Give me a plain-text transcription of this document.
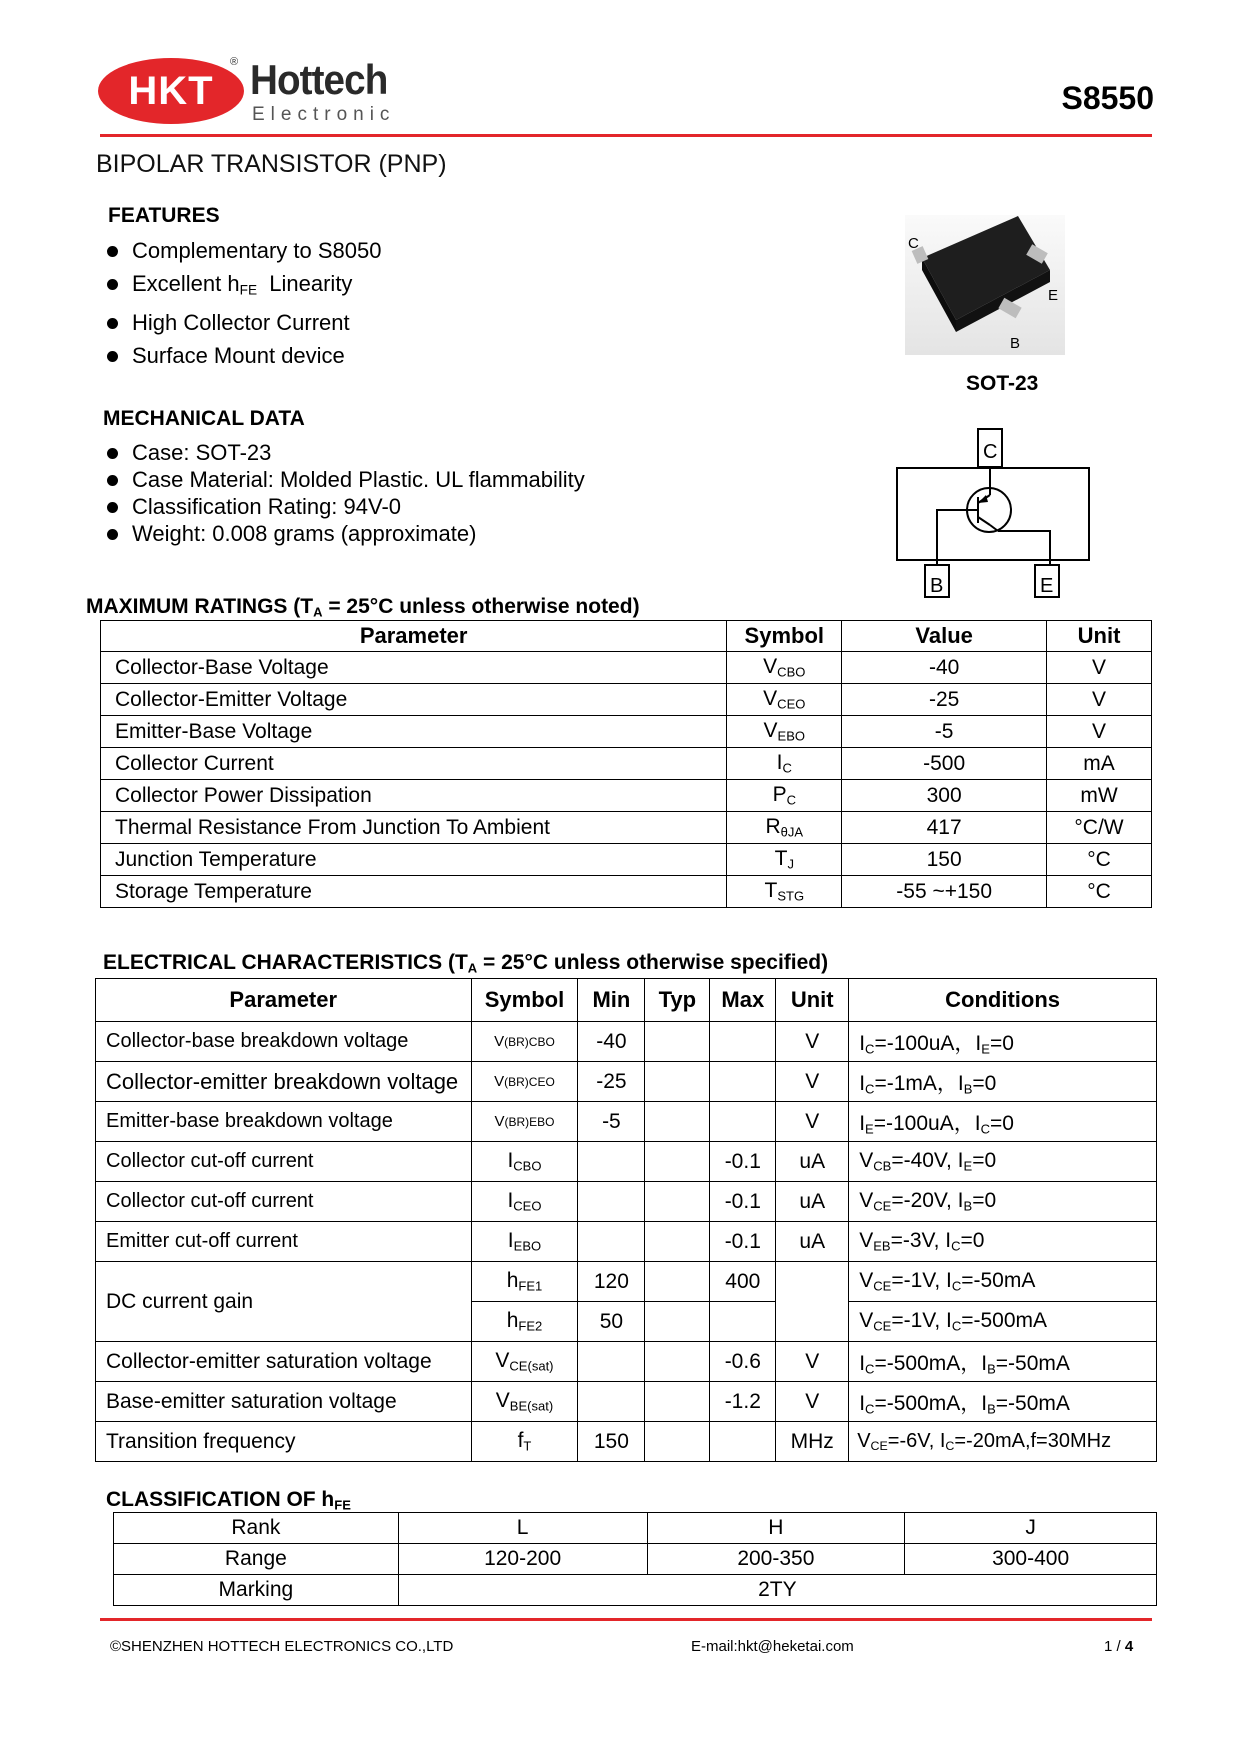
HKT
® Hottech
Electronic	S8550
BIPOLAR TRANSISTOR (PNP)
FEATURES
Complementary to S8050
Excellent $h_{FE}$  Linearity
High Collector Current
Surface Mount device
C
E
B
SOT-23
MECHANICAL DATA
Case: SOT-23
Case Material: Molded Plastic. UL flammability
Classification Rating: 94V-0
Weight: 0.008 grams (approximate)
C
B	E
MAXIMUM RATINGS ($T_A = 25^\circ C$ unless otherwise noted)
Parameter	Symbol	Value	Unit
Collector-Base Voltage	$V_{CBO}$	-40	V
Collector-Emitter Voltage	$V_{CEO}$	-25	V
Emitter-Base Voltage	$V_{EBO}$	-5	V
Collector Current	$I_C$	-500	mA
Collector Power Dissipation	$P_C$	300	mW
Thermal Resistance From Junction To Ambient	$R_{\theta JA}$	417	°C/W
Junction Temperature	$T_J$	150	°C
Storage Temperature	$T_{STG}$	-55 ~+150	°C
ELECTRICAL CHARACTERISTICS ($T_A = 25^\circ C$ unless otherwise specified)
Parameter	Symbol	Min	Typ	Max	Unit	Conditions
Collector-base breakdown voltage	V(BR)CBO	-40			V	$I_C=-100uA$，$I_E=0$
Collector-emitter breakdown voltage	V(BR)CEO	-25			V	$I_C=-1mA$，$I_B=0$
Emitter-base breakdown voltage	V(BR)EBO	-5			V	$I_E=-100uA$，$I_C=0$
Collector cut-off current	$I_{CBO}$			-0.1	uA	$V_{CB}=-40V$, $I_E=0$
Collector cut-off current	$I_{CEO}$			-0.1	uA	$V_{CE}=-20V$, $I_B=0$
Emitter cut-off current	$I_{EBO}$			-0.1	uA	$V_{EB}=-3V$, $I_C=0$
DC current gain	$h_{FE1}$	120		400		$V_{CE}=-1V$, $I_C=-50mA$
	$h_{FE2}$	50				$V_{CE}=-1V$, $I_C=-500mA$
Collector-emitter saturation voltage	$V_{CE(sat)}$			-0.6	V	$I_C=-500mA$，$I_B=-50mA$
Base-emitter saturation voltage	$V_{BE(sat)}$			-1.2	V	$I_C=-500mA$，$I_B=-50mA$
Transition frequency	$f_T$	150			MHz	$V_{CE}=-6V$, $I_C=-20mA,f=30MHz$
CLASSIFICATION OF $h_{FE}$
Rank	L	H	J
Range	120-200	200-350	300-400
Marking	2TY		
©SHENZHEN HOTTECH ELECTRONICS CO.,LTD	E-mail:hkt@heketai.com	1 / 4
